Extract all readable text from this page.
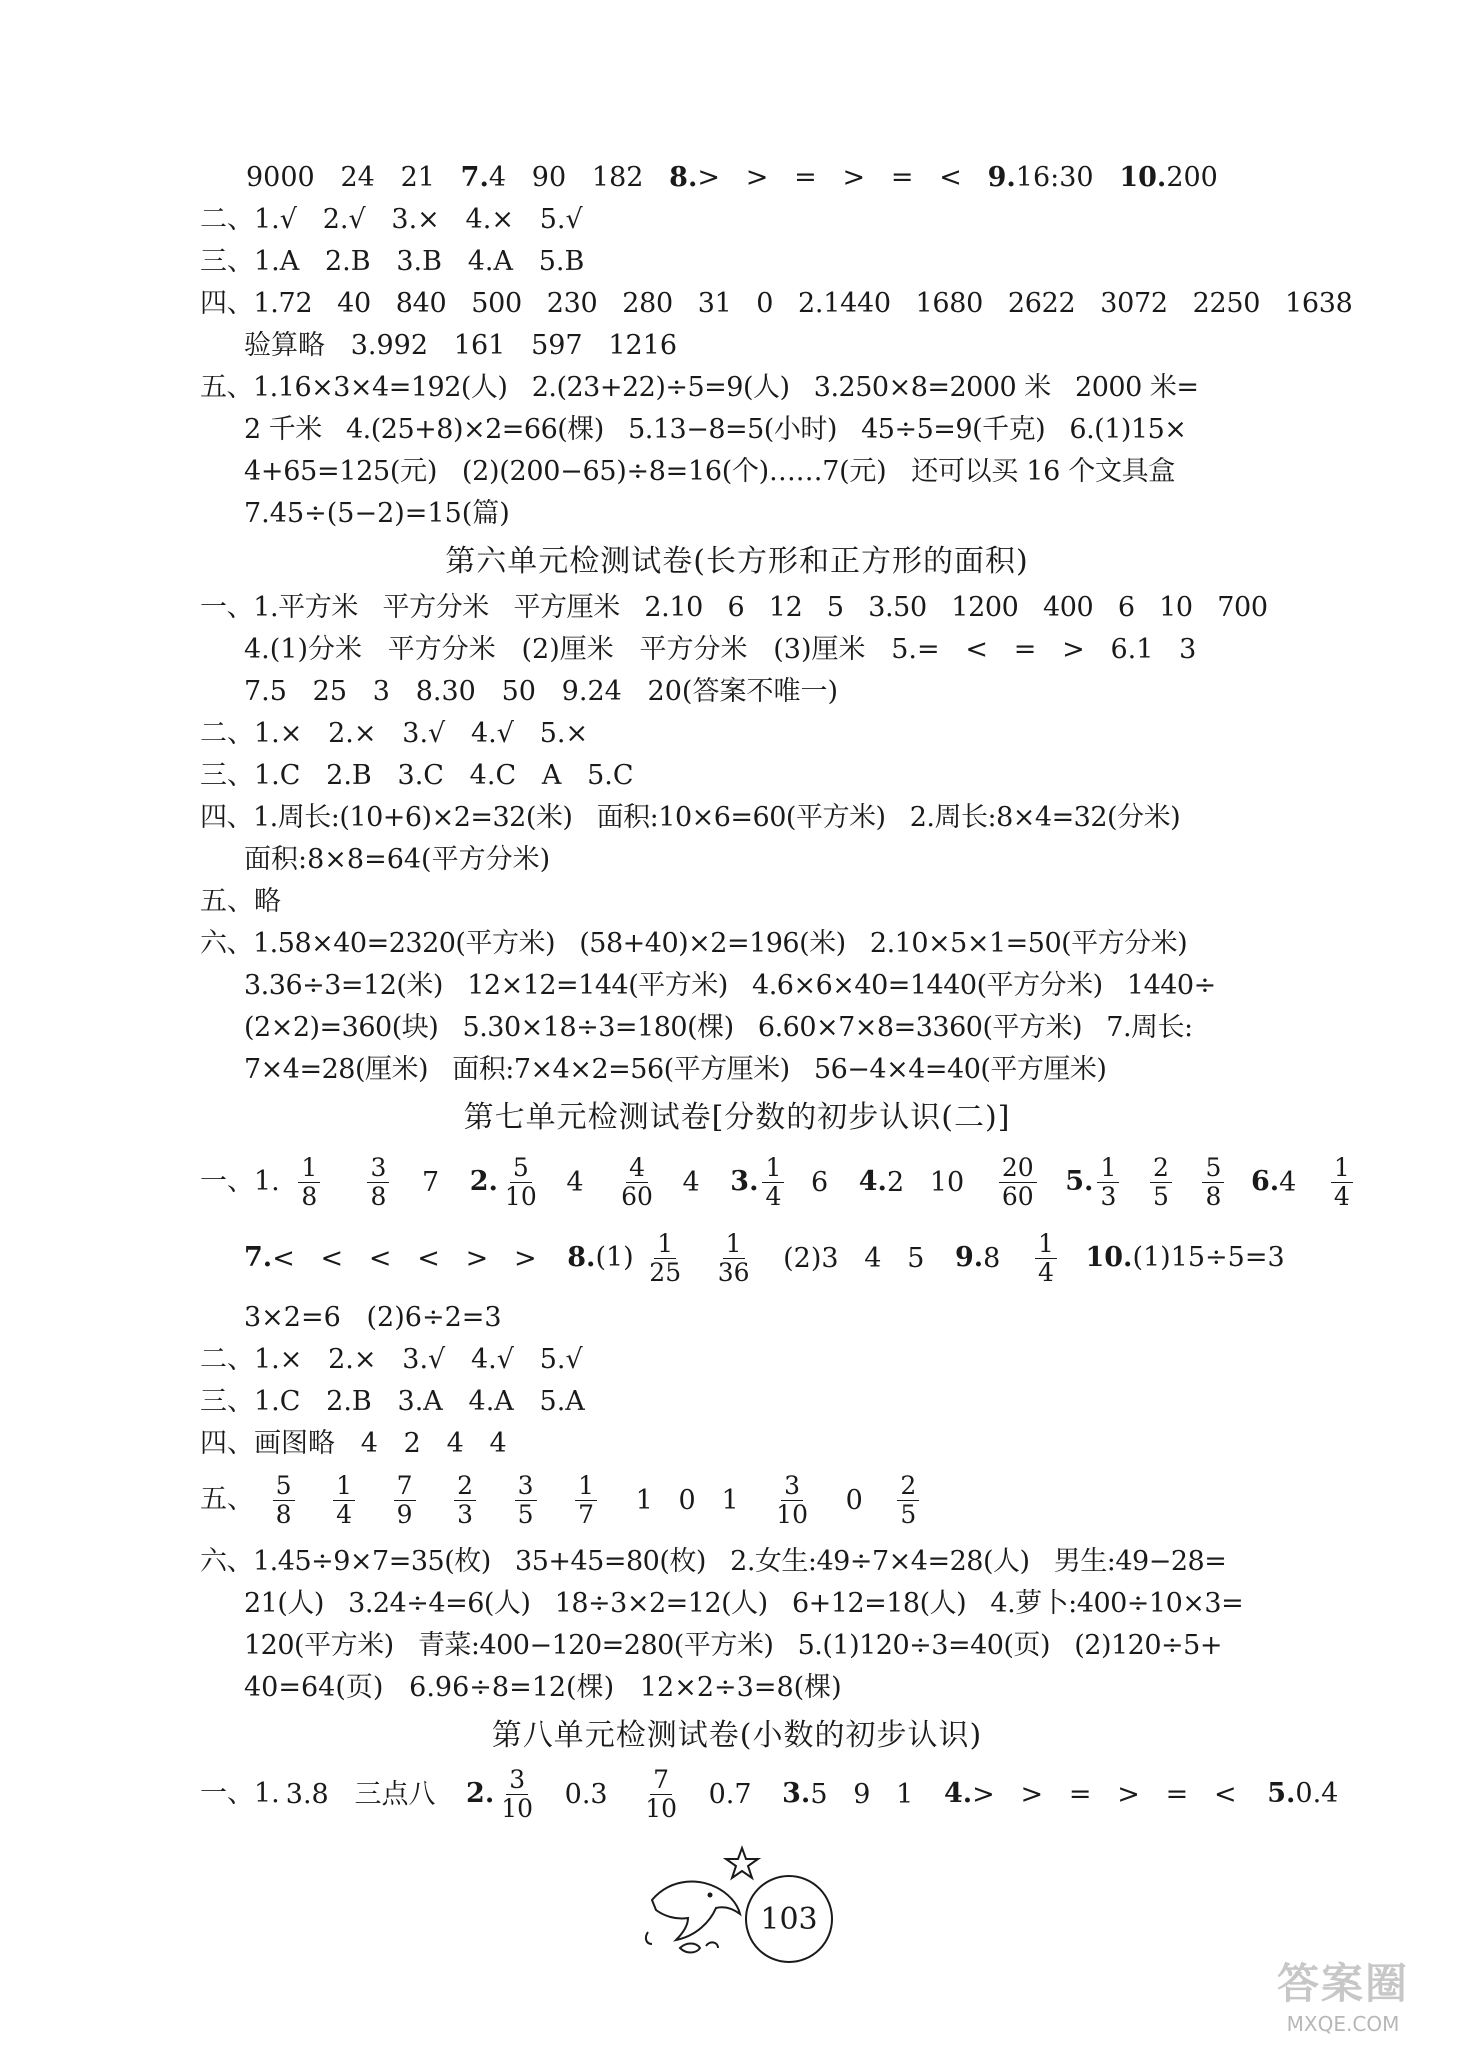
9000   24   21   7.4   90   182   8.>   >   =   >   =   <   9.16:30   10.200
二、1.√   2.√   3.×   4.×   5.√
三、1.A   2.B   3.B   4.A   5.B
四、1.72   40   840   500   230   280   31   0   2.1440   1680   2622   3072   2250   1638
验算略   3.992   161   597   1216
五、1.16×3×4=192(人)   2.(23+22)÷5=9(人)   3.250×8=2000 米   2000 米=
2 千米   4.(25+8)×2=66(棵)   5.13−8=5(小时)   45÷5=9(千克)   6.(1)15×
4+65=125(元)   (2)(200−65)÷8=16(个)……7(元)   还可以买 16 个文具盒
7.45÷(5−2)=15(篇)
第六单元检测试卷(长方形和正方形的面积)
一、1.平方米   平方分米   平方厘米   2.10   6   12   5   3.50   1200   400   6   10   700
4.(1)分米   平方分米   (2)厘米   平方分米   (3)厘米   5.=   <   =   >   6.1   3
7.5   25   3   8.30   50   9.24   20(答案不唯一)
二、1.×   2.×   3.√   4.√   5.×
三、1.C   2.B   3.C   4.C   A   5.C
四、1.周长:(10+6)×2=32(米)   面积:10×6=60(平方米)   2.周长:8×4=32(分米)
面积:8×8=64(平方分米)
五、略
六、1.58×40=2320(平方米)   (58+40)×2=196(米)   2.10×5×1=50(平方分米)
3.36÷3=12(米)   12×12=144(平方米)   4.6×6×40=1440(平方分米)   1440÷
(2×2)=360(块)   5.30×18÷3=180(棵)   6.60×7×8=3360(平方米)   7.周长:
7×4=28(厘米)   面积:7×4×2=56(平方厘米)   56−4×4=40(平方厘米)
第七单元检测试卷[分数的初步认识(二)]
一、1. $\frac{1}{8}$
$\frac{3}{8} 7$ 2. $\frac{5}{10} 4 \frac{4}{60} 4$ 3. $\frac{1}{4} 6$ 4.2   $10 \frac{20}{60} 5$. $\frac{1}{3}$
$\frac{2}{5}$
$\frac{5}{8} 6.4 \frac{1}{4}$
7.<   <   <   <   >   > $8.(1) \frac{1}{25}$
$\frac{1}{36} (2)3$   4   5 $9.8 \frac{1}{4} 10.(1)15\div 5=3$
3×2=6   (2)6÷2=3
二、1.×   2.×   3.√   4.√   5.√
三、1.C   2.B   3.A   4.A   5.A
四、画图略   4   2   4   4
五、 $\frac{5}{8}$
$\frac{1}{4}$
$\frac{7}{9}$
$\frac{2}{3}$
$\frac{3}{5}$
$\frac{1}{7} 1$   0   $1 \frac{3}{10} 0 \frac{2}{5}$
六、1.45÷9×7=35(枚)   35+45=80(枚)   2.女生:49÷7×4=28(人)   男生:49−28=
21(人)   3.24÷4=6(人)   18÷3×2=12(人)   6+12=18(人)   4.萝卜:400÷10×3=
120(平方米)   青菜:400−120=280(平方米)   5.(1)120÷3=40(页)   (2)120÷5+
40=64(页)   6.96÷8=12(棵)   12×2÷3=8(棵)
第八单元检测试卷(小数的初步认识)
一、1. 3.8   三点八 2. $\frac{3}{10} 0.3 \frac{7}{10} 0.7$ 3.5   9   1 4.>   >   =   >   =   < 5.0.4
103
答案圈
MXQE.COM
